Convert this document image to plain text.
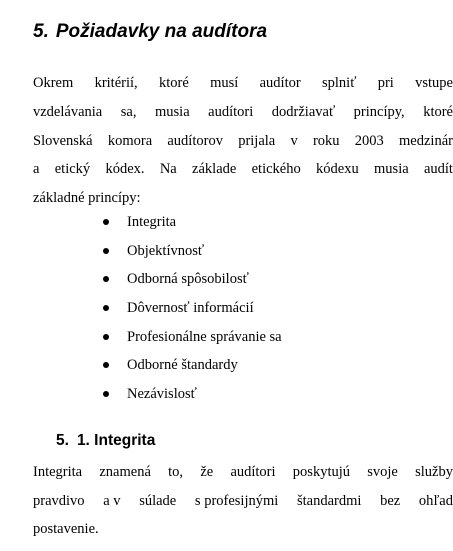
5. Požiadavky na audítora
Okrem kritérií, ktoré musí audítor splniť pri vstupe
vzdelávania sa, musia audítori dodržiavať princípy, ktoré
Slovenská komora audítorov prijala v roku 2003 medzinár
a etický kódex. Na základe etického kódexu musia audít
základné princípy:
Integrita
Objektívnosť
Odborná spôsobilosť
Dôvernosť informácií
Profesionálne správanie sa
Odborné štandardy
Nezávislosť
5. 1. Integrita
Integrita znamená to, že audítori poskytujú svoje služby
pravdivo a v súlade s profesijnými štandardmi bez ohľad
postavenie.
